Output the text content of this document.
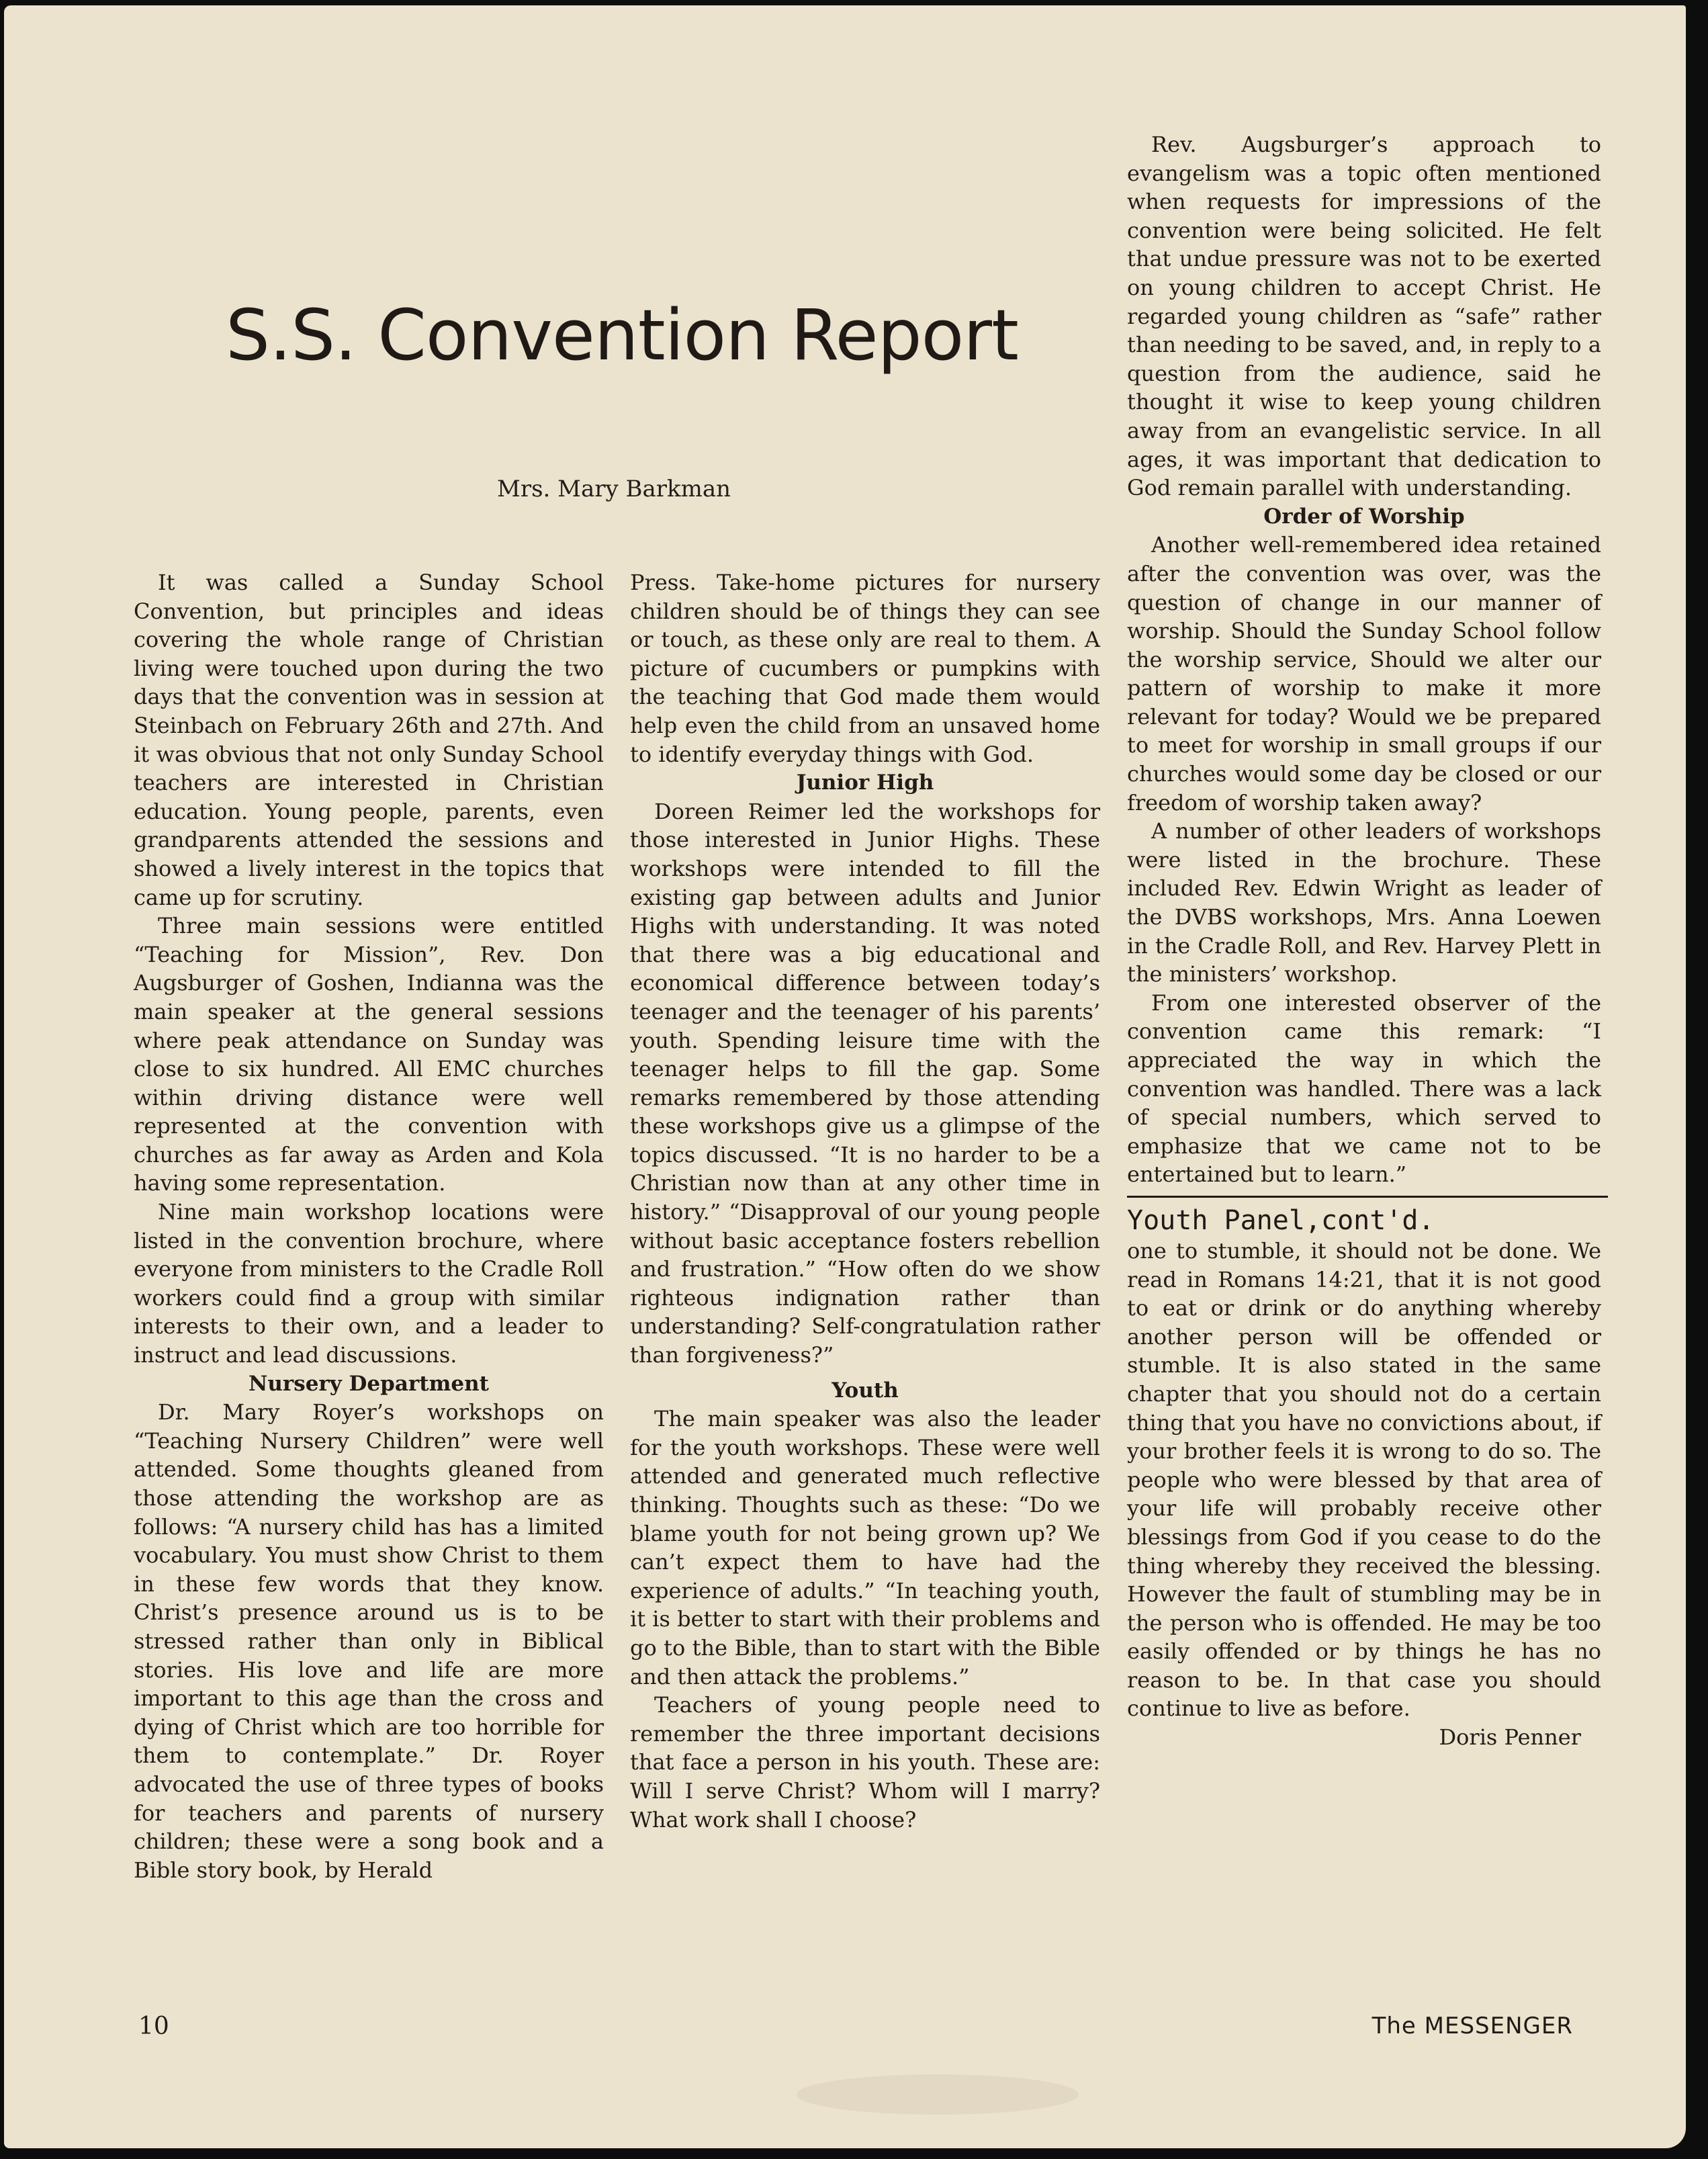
S.S. Convention Report

Mrs. Mary Barkman

It was called a Sunday School Convention, but principles and ideas covering the whole range of Christian living were touched upon during the two days that the convention was in session at Steinbach on February 26th and 27th. And it was obvious that not only Sunday School teachers are interested in Christian education. Young people, parents, even grandparents attended the sessions and showed a lively interest in the topics that came up for scrutiny.

Three main sessions were entitled “Teaching for Mission”, Rev. Don Augsburger of Goshen, Indianna was the main speaker at the general sessions where peak attendance on Sunday was close to six hundred. All EMC churches within driving distance were well represented at the convention with churches as far away as Arden and Kola having some representation.

Nine main workshop locations were listed in the convention brochure, where everyone from ministers to the Cradle Roll workers could find a group with similar interests to their own, and a leader to instruct and lead discussions.

Nursery Department

Dr. Mary Royer’s workshops on “Teaching Nursery Children” were well attended. Some thoughts gleaned from those attending the workshop are as follows: “A nursery child has has a limited vocabulary. You must show Christ to them in these few words that they know. Christ’s presence around us is to be stressed rather than only in Biblical stories. His love and life are more important to this age than the cross and dying of Christ which are too horrible for them to contemplate.” Dr. Royer advocated the use of three types of books for teachers and parents of nursery children; these were a song book and a Bible story book, by Herald

Press. Take-home pictures for nursery children should be of things they can see or touch, as these only are real to them. A picture of cucumbers or pumpkins with the teaching that God made them would help even the child from an unsaved home to identify everyday things with God.

Junior High

Doreen Reimer led the workshops for those interested in Junior Highs. These workshops were intended to fill the existing gap between adults and Junior Highs with understanding. It was noted that there was a big educational and economical difference between today’s teenager and the teenager of his parents’ youth. Spending leisure time with the teenager helps to fill the gap. Some remarks remembered by those attending these workshops give us a glimpse of the topics discussed. “It is no harder to be a Christian now than at any other time in history.” “Disapproval of our young people without basic acceptance fosters rebellion and frustration.” “How often do we show righteous indignation rather than understanding? Self-congratulation rather than forgiveness?”

Youth

The main speaker was also the leader for the youth workshops. These were well attended and generated much reflective thinking. Thoughts such as these: “Do we blame youth for not being grown up? We can’t expect them to have had the experience of adults.” “In teaching youth, it is better to start with their problems and go to the Bible, than to start with the Bible and then attack the problems.”

Teachers of young people need to remember the three important decisions that face a person in his youth. These are: Will I serve Christ? Whom will I marry? What work shall I choose?

Rev. Augsburger’s approach to evangelism was a topic often mentioned when requests for impressions of the convention were being solicited. He felt that undue pressure was not to be exerted on young children to accept Christ. He regarded young children as “safe” rather than needing to be saved, and, in reply to a question from the audience, said he thought it wise to keep young children away from an evangelistic service. In all ages, it was important that dedication to God remain parallel with understanding.

Order of Worship

Another well-remembered idea retained after the convention was over, was the question of change in our manner of worship. Should the Sunday School follow the worship service, Should we alter our pattern of worship to make it more relevant for today? Would we be prepared to meet for worship in small groups if our churches would some day be closed or our freedom of worship taken away?

A number of other leaders of workshops were listed in the brochure. These included Rev. Edwin Wright as leader of the DVBS workshops, Mrs. Anna Loewen in the Cradle Roll, and Rev. Harvey Plett in the ministers’ workshop.

From one interested observer of the convention came this remark: “I appreciated the way in which the convention was handled. There was a lack of special numbers, which served to emphasize that we came not to be entertained but to learn.”

Youth Panel,cont'd.

one to stumble, it should not be done. We read in Romans 14:21, that it is not good to eat or drink or do anything whereby another person will be offended or stumble. It is also stated in the same chapter that you should not do a certain thing that you have no convictions about, if your brother feels it is wrong to do so. The people who were blessed by that area of your life will probably receive other blessings from God if you cease to do the thing whereby they received the blessing. However the fault of stumbling may be in the person who is offended. He may be too easily offended or by things he has no reason to be. In that case you should continue to live as before.

Doris Penner

10	The MESSENGER
